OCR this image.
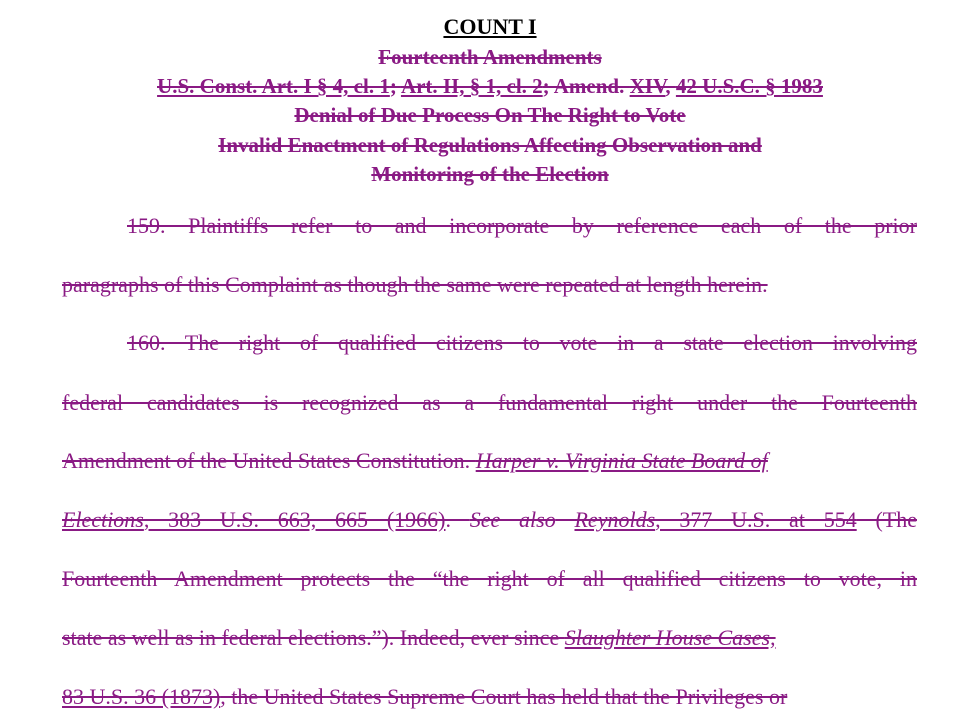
COUNT I
Fourteenth Amendments
U.S. Const. Art. I § 4, cl. 1; Art. II, § 1, cl. 2; Amend. XIV, 42 U.S.C. § 1983
Denial of Due Process On The Right to Vote
Invalid Enactment of Regulations Affecting Observation and
Monitoring of the Election
159. Plaintiffs refer to and incorporate by reference each of the prior
paragraphs of this Complaint as though the same were repeated at length herein.
160. The right of qualified citizens to vote in a state election involving
federal candidates is recognized as a fundamental right under the Fourteenth
Amendment of the United States Constitution. Harper v. Virginia State Board of
Elections, 383 U.S. 663, 665 (1966). See also Reynolds, 377 U.S. at 554 (The
Fourteenth Amendment protects the “the right of all qualified citizens to vote, in
state as well as in federal elections.”). Indeed, ever since Slaughter House Cases,
83 U.S. 36 (1873), the United States Supreme Court has held that the Privileges or
